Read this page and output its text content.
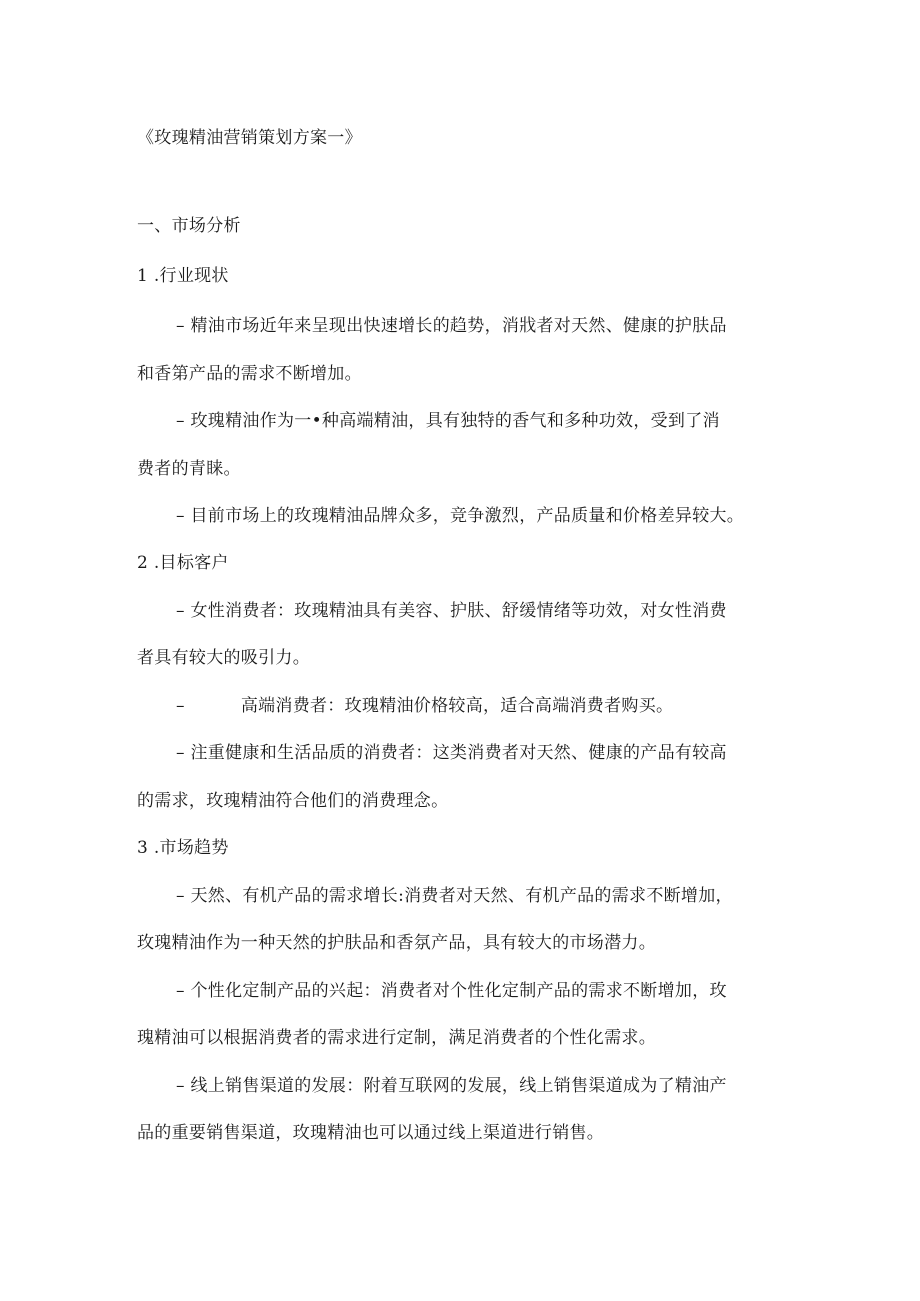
《玫瑰精油营销策划方案一》
一、市场分析
1 .行业现状
– 精油市场近年来呈现出快速增长的趋势，消戕者对天然、健康的护肤品
和香第产品的需求不断增加。
– 玫瑰精油作为一•种高端精油，具有独特的香气和多种功效，受到了消
费者的青睐。
– 目前市场上的玫瑰精油品牌众多，竞争激烈，产品质量和价格差异较大。
2 .目标客户
– 女性消费者：玫瑰精油具有美容、护肤、舒缓情绪等功效，对女性消费
者具有较大的吸引力。
–	高端消费者：玫瑰精油价格较高，适合高端消费者购买。
– 注重健康和生活品质的消费者：这类消费者对天然、健康的产品有较高
的需求，玫瑰精油符合他们的消费理念。
3 .市场趋势
– 天然、有机产品的需求增长:消费者对天然、有机产品的需求不断增加，
玫瑰精油作为一种天然的护肤品和香氛产品，具有较大的市场潜力。
– 个性化定制产品的兴起：消费者对个性化定制产品的需求不断增加，玫
瑰精油可以根据消费者的需求进行定制，满足消费者的个性化需求。
– 线上销售渠道的发展：附着互联网的发展，线上销售渠道成为了精油产
品的重要销售渠道，玫瑰精油也可以通过线上渠道进行销售。
